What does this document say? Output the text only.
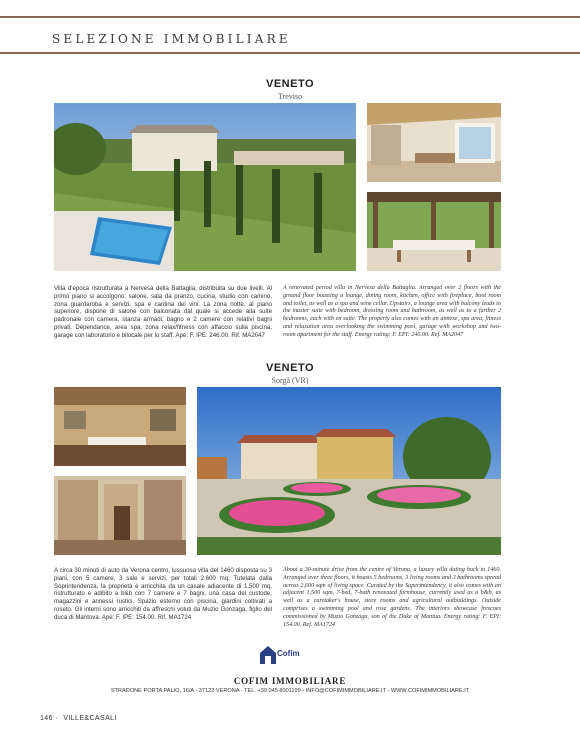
SELEZIONE IMMOBILIARE
VENETO
Treviso
Villa d'epoca ristrutturata a Nervesa della Battaglia, distribuita su due livelli. Al primo piano si accolgono: salone, sala da pranzo, cucina, studio con camino, zona guardaroba e servizi, spa e cantina dei vini. La zona notte, al piano superiore, dispone di salone con balconata dal quale si accede alla suite padronale con camera, stanza armadi, bagno e 2 camere con relativi bagni privati. Dépendance, area spa, zona relax/fitness con affaccio sulla piscina, garage con laboratorio e bilocale per lo staff. Ape: F. IPE: 246.00. Rif. MA2047
A renovated period villa in Nervesa della Battaglia. Arranged over 2 floors with the ground floor boasting a lounge, dining room, kitchen, office with fireplace, boot room and toilet, as well as a spa and wine cellar. Upstairs, a lounge area with balcony leads to the master suite with bedroom, dressing room and bathroom, as well as to a further 2 bedrooms, each with en suite. The property also comes with an annexe, spa area, fitness and relaxation area overlooking the swimming pool, garage with workshop and two-room apartment for the staff. Energy rating: F. EPI: 246.00. Ref. MA2047
VENETO
Sorgà (VR)
A circa 30 minuti di auto da Verona centro, lussuosa villa del 1460 disposta su 3 piani, con 5 camere, 3 sale e servizi, per totali 2.600 mq. Tutelata dalla Soprintendenza, la proprietà è arricchita da un casale adiacente di 1.500 mq, ristrutturato e adibito a b&b con 7 camere e 7 bagni, una casa del custode, magazzini e annessi rustici. Spazio esterno con piscina, giardini coltivati a roseto. Gli interni sono arricchiti da affreschi voluti da Muzio Gonzaga, figlio del duca di Mantova. Ape: F. IPE: 154.00. Rif. MA1724
About a 30-minute drive from the centre of Verona, a luxury villa dating back to 1460. Arranged over three floors, it boasts 5 bedrooms, 3 living rooms and 3 bathrooms spread across 2,600 sqm of living space. Curated by the Superintendency, it also comes with an adjacent 1,500 sqm, 7-bed, 7-bath renovated farmhouse, currently used as a b&b, as well as a caretaker's house, store rooms and agricultural outbuildings. Outside comprises a swimming pool and rose gardens. The interiors showcase frescoes commissioned by Muzio Gonzaga, son of the Duke of Mantua. Energy rating: F. EPI: 154.00. Ref. MA1724
Cofim
COFIM IMMOBILIARE
STRADONE PORTA PALIO, 16/A - 37122 VERONA - TEL. +39 045 8001199 - INFO@COFIMIMMOBILIARE.IT - WWW.COFIMIMMOBILIARE.IT
146 · VILLE&CASALI
